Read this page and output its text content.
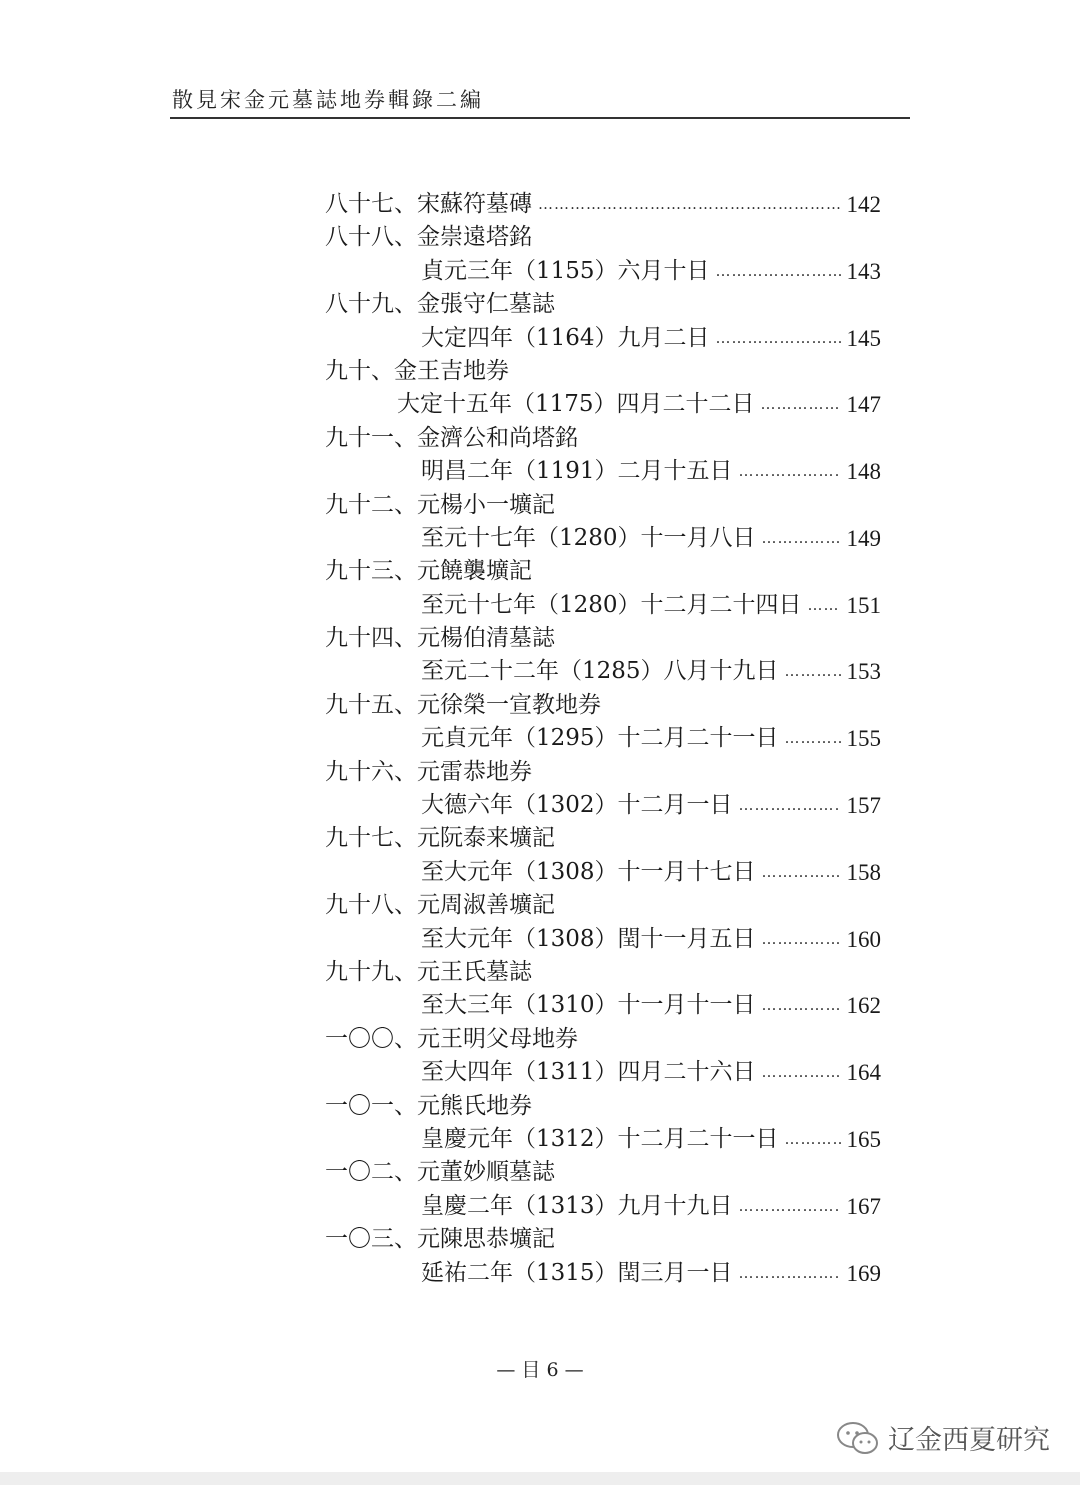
散見宋金元墓誌地券輯錄二編
八十七、 宋蘇符墓磚 ……………………………………………………………………………………………………………………	142
八十八、 金崇遠塔銘
貞元三年（1155）六月十日 ……………………………………………………………………………………………………………………	143
八十九、 金張守仁墓誌
大定四年（1164）九月二日 ……………………………………………………………………………………………………………………	145
九十、 金王吉地券
大定十五年（1175）四月二十二日 ……………………………………………………………………………………………………………………	147
九十一、 金濟公和尚塔銘
明昌二年（1191）二月十五日 ……………………………………………………………………………………………………………………	148
九十二、 元楊小一壙記
至元十七年（1280）十一月八日 ……………………………………………………………………………………………………………………	149
九十三、 元饒襲壙記
至元十七年（1280）十二月二十四日 …………………………………………………………………………………………………………………… 151
九十四、 元楊伯清墓誌
至元二十二年（1285）八月十九日 ……………………………………………………………………………………………………………………	153
九十五、 元徐榮一宣教地券
元貞元年（1295）十二月二十一日 ……………………………………………………………………………………………………………………	155
九十六、 元雷恭地券
大德六年（1302）十二月一日 ……………………………………………………………………………………………………………………	157
九十七、 元阮泰来壙記
至大元年（1308）十一月十七日 ……………………………………………………………………………………………………………………	158
九十八、 元周淑善壙記
至大元年（1308）閏十一月五日 ……………………………………………………………………………………………………………………	160
九十九、 元王氏墓誌
至大三年（1310）十一月十一日 ……………………………………………………………………………………………………………………	162
一〇〇、 元王明父母地券
至大四年（1311）四月二十六日 ……………………………………………………………………………………………………………………	164
一〇一、 元熊氏地券
皇慶元年（1312）十二月二十一日 ……………………………………………………………………………………………………………………	165
一〇二、 元董妙順墓誌
皇慶二年（1313）九月十九日 ……………………………………………………………………………………………………………………	167
一〇三、 元陳思恭壙記
延祐二年（1315）閏三月一日 ……………………………………………………………………………………………………………………	169
— 目 6 —
辽金西夏研究
